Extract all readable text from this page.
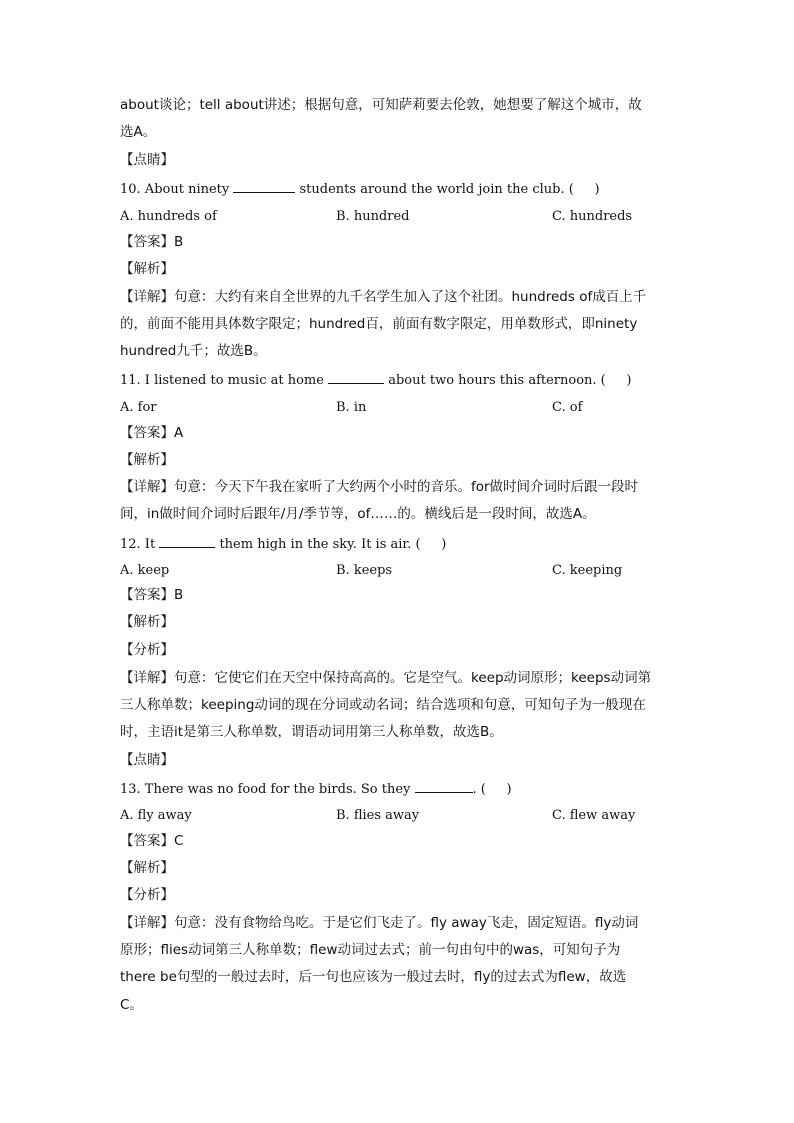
about谈论；tell about讲述；根据句意，可知萨莉要去伦敦，她想要了解这个城市，故
选A。
【点睛】
10. About ninety	students around the world join the club. (     )
A. hundreds of	B. hundred	C. hundreds
【答案】B
【解析】
【详解】句意：大约有来自全世界的九千名学生加入了这个社团。hundreds of成百上千
的，前面不能用具体数字限定；hundred百，前面有数字限定，用单数形式，即ninety
hundred九千；故选B。
11. I listened to music at home	about two hours this afternoon. (     )
A. for	B. in	C. of
【答案】A
【解析】
【详解】句意：今天下午我在家听了大约两个小时的音乐。for做时间介词时后跟一段时
间，in做时间介词时后跟年/月/季节等，of……的。横线后是一段时间，故选A。
12. It	them high in the sky. It is air. (     )
A. keep	B. keeps	C. keeping
【答案】B
【解析】
【分析】
【详解】句意：它使它们在天空中保持高高的。它是空气。keep动词原形；keeps动词第
三人称单数；keeping动词的现在分词或动名词；结合选项和句意，可知句子为一般现在
时，主语it是第三人称单数，谓语动词用第三人称单数，故选B。
【点睛】
13. There was no food for the birds. So they	. (     )
A. fly away	B. flies away	C. flew away
【答案】C
【解析】
【分析】
【详解】句意：没有食物给鸟吃。于是它们飞走了。fly away飞走，固定短语。fly动词
原形；flies动词第三人称单数；flew动词过去式；前一句由句中的was，可知句子为
there be句型的一般过去时，后一句也应该为一般过去时，fly的过去式为flew，故选
C。
